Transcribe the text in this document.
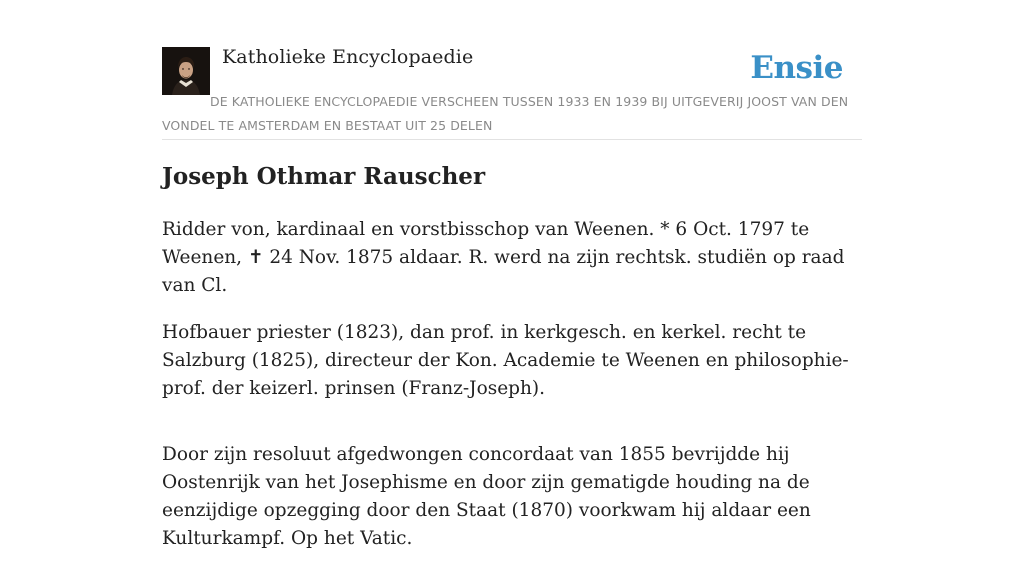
Katholieke Encyclopaedie	Ensie
DE KATHOLIEKE ENCYCLOPAEDIE VERSCHEEN TUSSEN 1933 EN 1939 BIJ UITGEVERIJ JOOST VAN DEN VONDEL TE AMSTERDAM EN BESTAAT UIT 25 DELEN
Joseph Othmar Rauscher

Ridder von, kardinaal en vorstbisschop van Weenen. * 6 Oct. 1797 te Weenen, ✝ 24 Nov. 1875 aldaar. R. werd na zijn rechtsk. studiën op raad van Cl.

Hofbauer priester (1823), dan prof. in kerkgesch. en kerkel. recht te Salzburg (1825), directeur der Kon. Academie te Weenen en philosophie-prof. der keizerl. prinsen (Franz-Joseph).

Door zijn resoluut afgedwongen concordaat van 1855 bevrijdde hij Oostenrijk van het Josephisme en door zijn gematigde houding na de eenzijdige opzegging door den Staat (1870) voorkwam hij aldaar een Kulturkampf. Op het Vatic.
